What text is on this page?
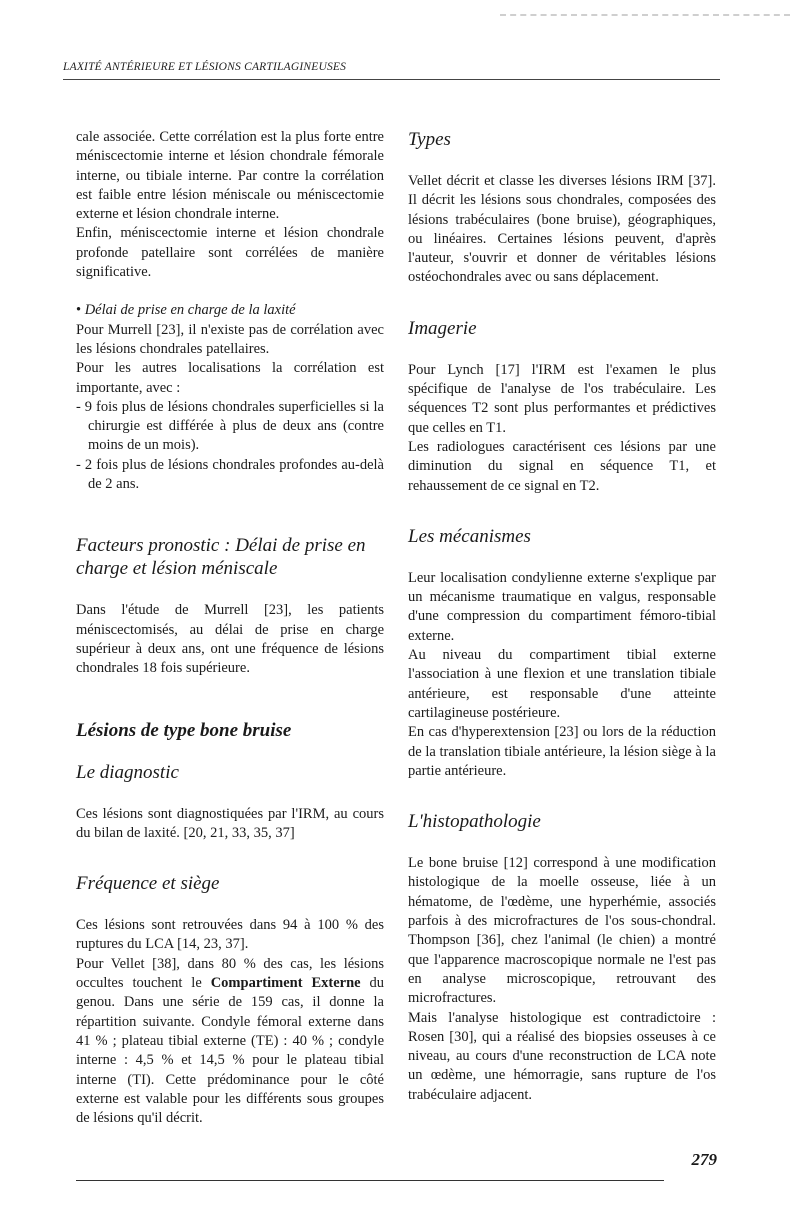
LAXITÉ ANTÉRIEURE ET LÉSIONS CARTILAGINEUSES

cale associée. Cette corrélation est la plus forte entre méniscectomie interne et lésion chondrale fémorale interne, ou tibiale interne. Par contre la corrélation est faible entre lésion méniscale ou méniscectomie externe et lésion chondrale interne.

Enfin, méniscectomie interne et lésion chondrale profonde patellaire sont corrélées de manière significative.

• Délai de prise en charge de la laxité

Pour Murrell [23], il n'existe pas de corrélation avec les lésions chondrales patellaires.

Pour les autres localisations la corrélation est importante, avec :

- 9 fois plus de lésions chondrales superficielles si la chirurgie est différée à plus de deux ans (contre moins de un mois).
- 2 fois plus de lésions chondrales profondes au-delà de 2 ans.
Facteurs pronostic : Délai de prise en charge et lésion méniscale

Dans l'étude de Murrell [23], les patients méniscectomisés, au délai de prise en charge supérieur à deux ans, ont une fréquence de lésions chondrales 18 fois supérieure.

Lésions de type bone bruise
Le diagnostic

Ces lésions sont diagnostiquées par l'IRM, au cours du bilan de laxité. [20, 21, 33, 35, 37]

Fréquence et siège

Ces lésions sont retrouvées dans 94 à 100 % des ruptures du LCA [14, 23, 37].

Pour Vellet [38], dans 80 % des cas, les lésions occultes touchent le Compartiment Externe du genou. Dans une série de 159 cas, il donne la répartition suivante. Condyle fémoral externe dans 41 % ; plateau tibial externe (TE) : 40 % ; condyle interne : 4,5 % et 14,5 % pour le plateau tibial interne (TI). Cette prédominance pour le côté externe est valable pour les différents sous groupes de lésions qu'il décrit.

Types

Vellet décrit et classe les diverses lésions IRM [37]. Il décrit les lésions sous chondrales, composées des lésions trabéculaires (bone bruise), géographiques, ou linéaires. Certaines lésions peuvent, d'après l'auteur, s'ouvrir et donner de véritables lésions ostéochondrales avec ou sans déplacement.

Imagerie

Pour Lynch [17] l'IRM est l'examen le plus spécifique de l'analyse de l'os trabéculaire. Les séquences T2 sont plus performantes et prédictives que celles en T1.

Les radiologues caractérisent ces lésions par une diminution du signal en séquence T1, et rehaussement de ce signal en T2.

Les mécanismes

Leur localisation condylienne externe s'explique par un mécanisme traumatique en valgus, responsable d'une compression du compartiment fémoro-tibial externe.

Au niveau du compartiment tibial externe l'association à une flexion et une translation tibiale antérieure, est responsable d'une atteinte cartilagineuse postérieure.

En cas d'hyperextension [23] ou lors de la réduction de la translation tibiale antérieure, la lésion siège à la partie antérieure.

L'histopathologie

Le bone bruise [12] correspond à une modification histologique de la moelle osseuse, liée à un hématome, de l'œdème, une hyperhémie, associés parfois à des microfractures de l'os sous-chondral. Thompson [36], chez l'animal (le chien) a montré que l'apparence macroscopique normale ne l'est pas en analyse microscopique, retrouvant des microfractures.

Mais l'analyse histologique est contradictoire : Rosen [30], qui a réalisé des biopsies osseuses à ce niveau, au cours d'une reconstruction de LCA note un œdème, une hémorragie, sans rupture de l'os trabéculaire adjacent.

279
